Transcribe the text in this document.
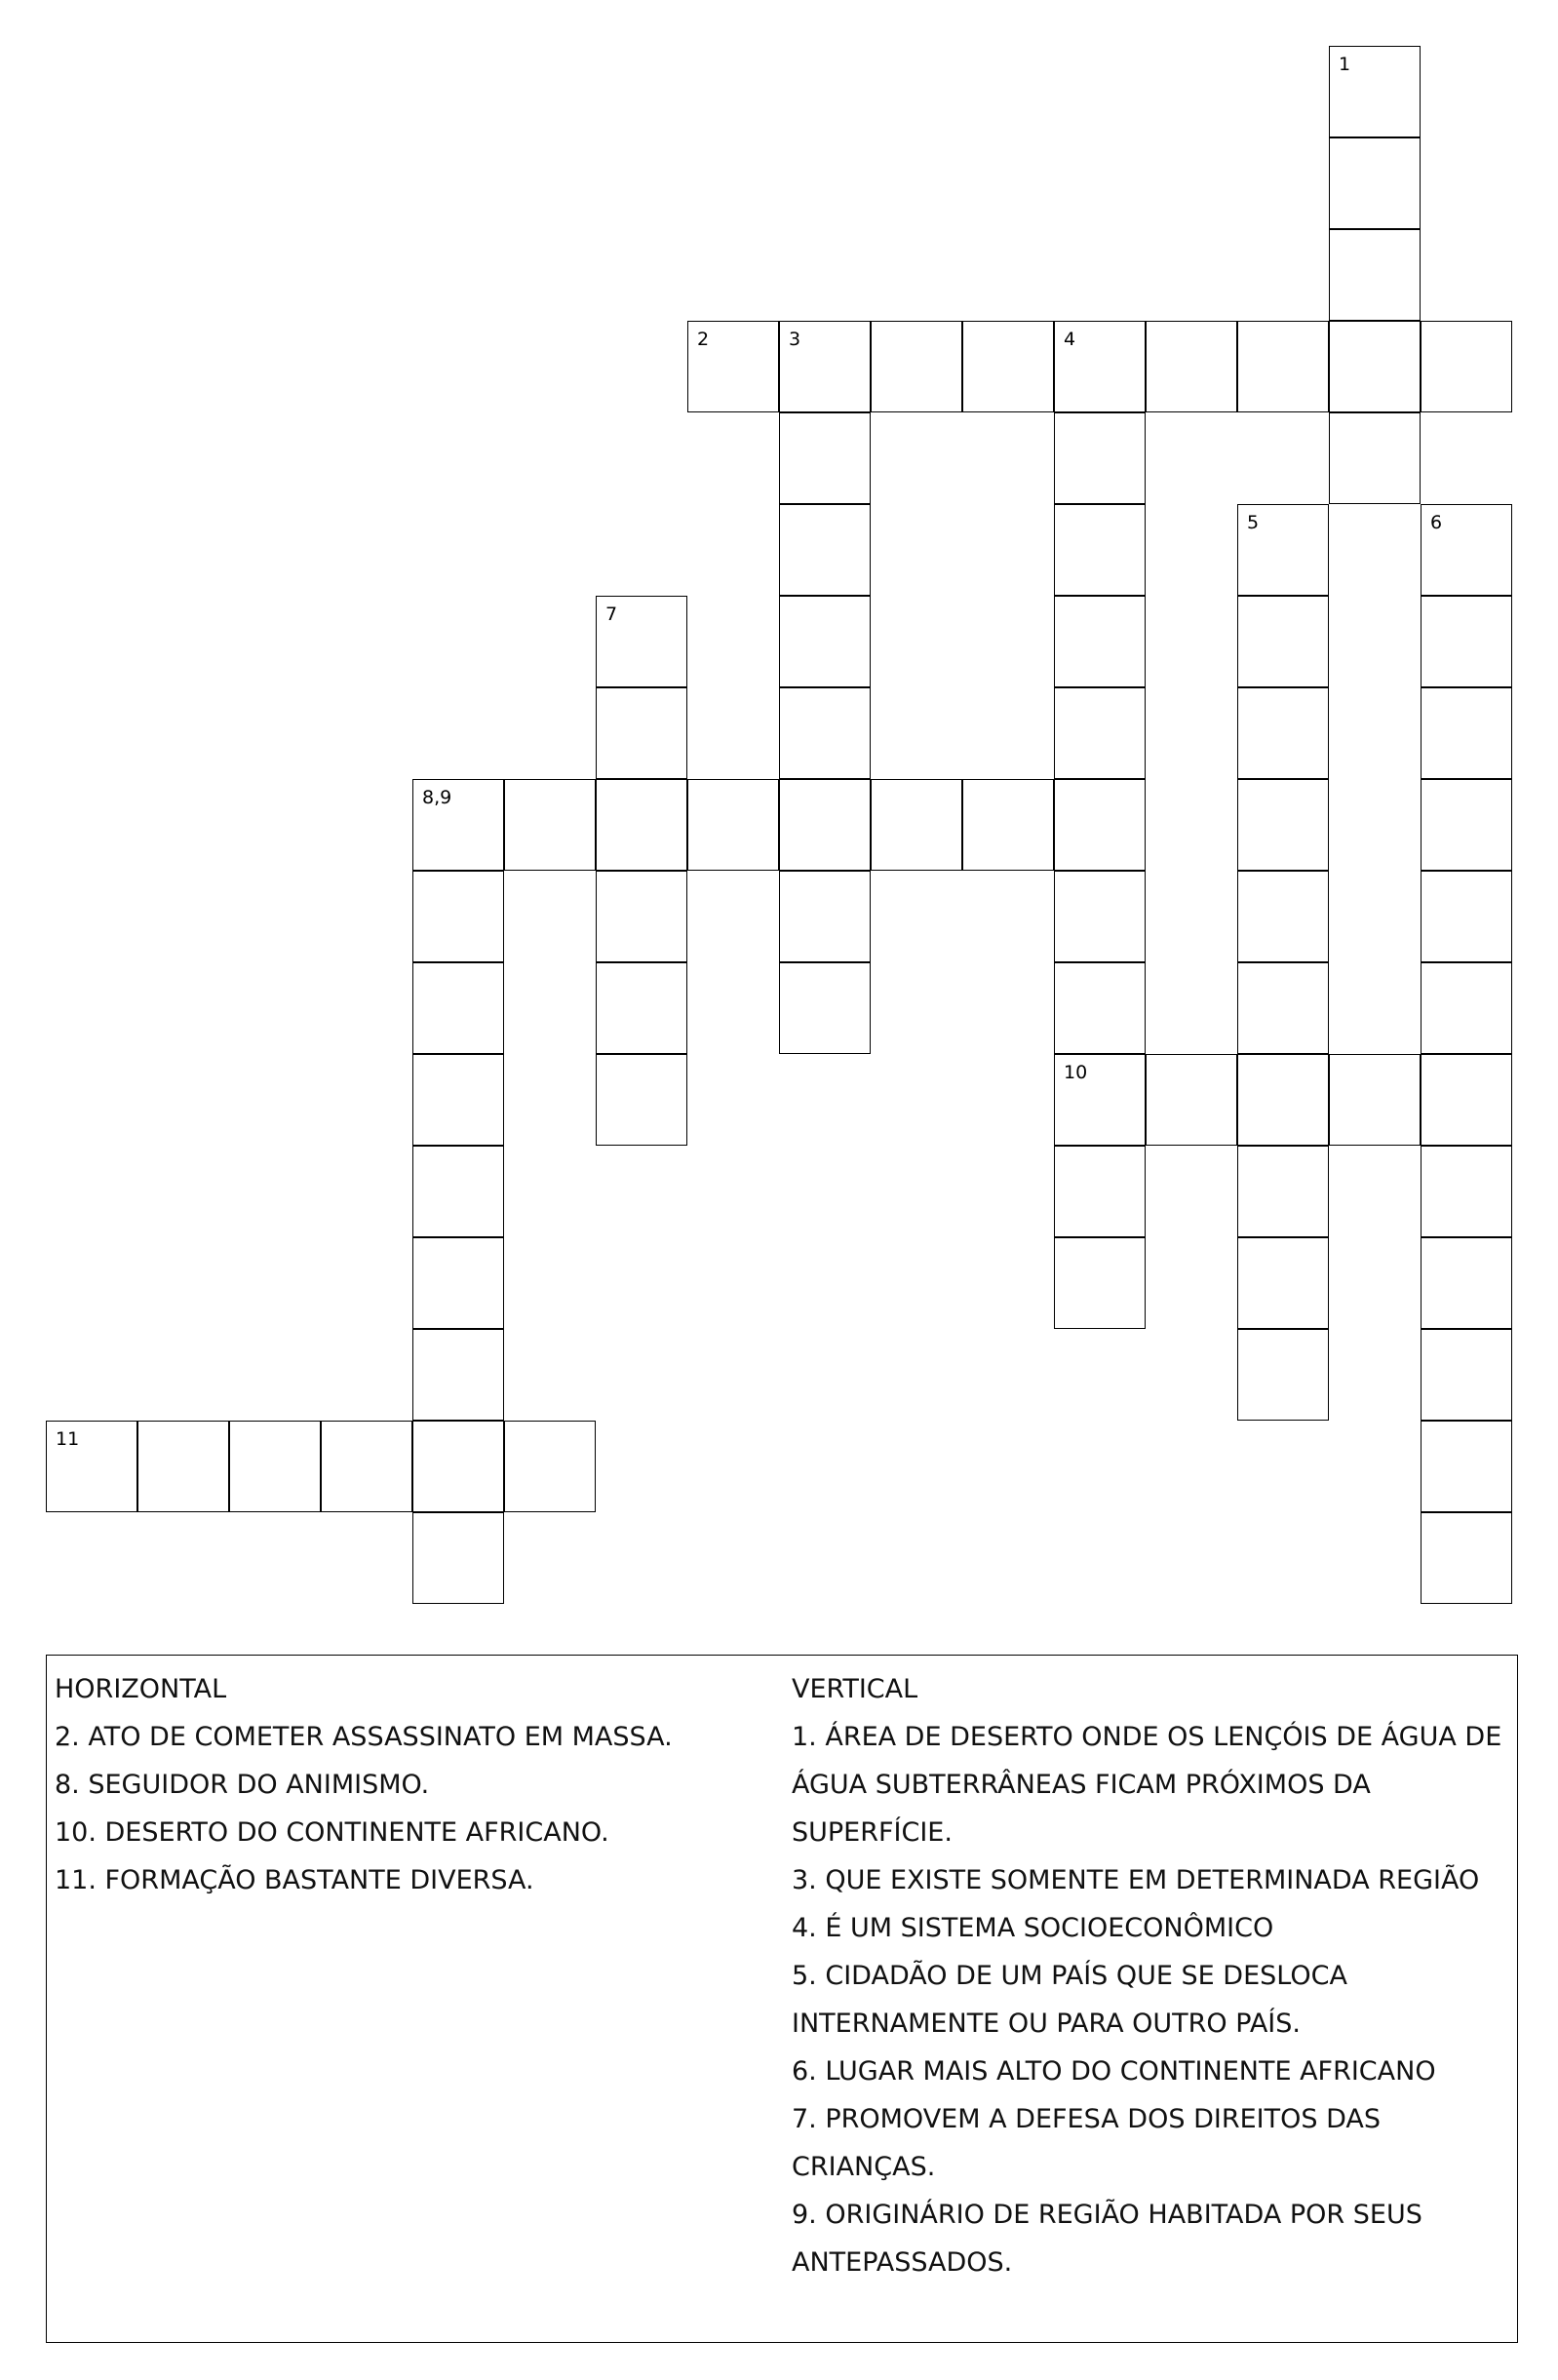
1
2	3	4
5	6
7
8,9
10
11
HORIZONTAL
2. ATO DE COMETER ASSASSINATO EM MASSA.
8. SEGUIDOR DO ANIMISMO.
10. DESERTO DO CONTINENTE AFRICANO.
11. FORMAÇÃO BASTANTE DIVERSA.
VERTICAL
1. ÁREA DE DESERTO ONDE OS LENÇÓIS DE ÁGUA DE
ÁGUA SUBTERRÂNEAS FICAM PRÓXIMOS DA
SUPERFÍCIE.
3. QUE EXISTE SOMENTE EM DETERMINADA REGIÃO
4. É UM SISTEMA SOCIOECONÔMICO
5. CIDADÃO DE UM PAÍS QUE SE DESLOCA
INTERNAMENTE OU PARA OUTRO PAÍS.
6. LUGAR MAIS ALTO DO CONTINENTE AFRICANO
7. PROMOVEM A DEFESA DOS DIREITOS DAS
CRIANÇAS.
9. ORIGINÁRIO DE REGIÃO HABITADA POR SEUS
ANTEPASSADOS.
